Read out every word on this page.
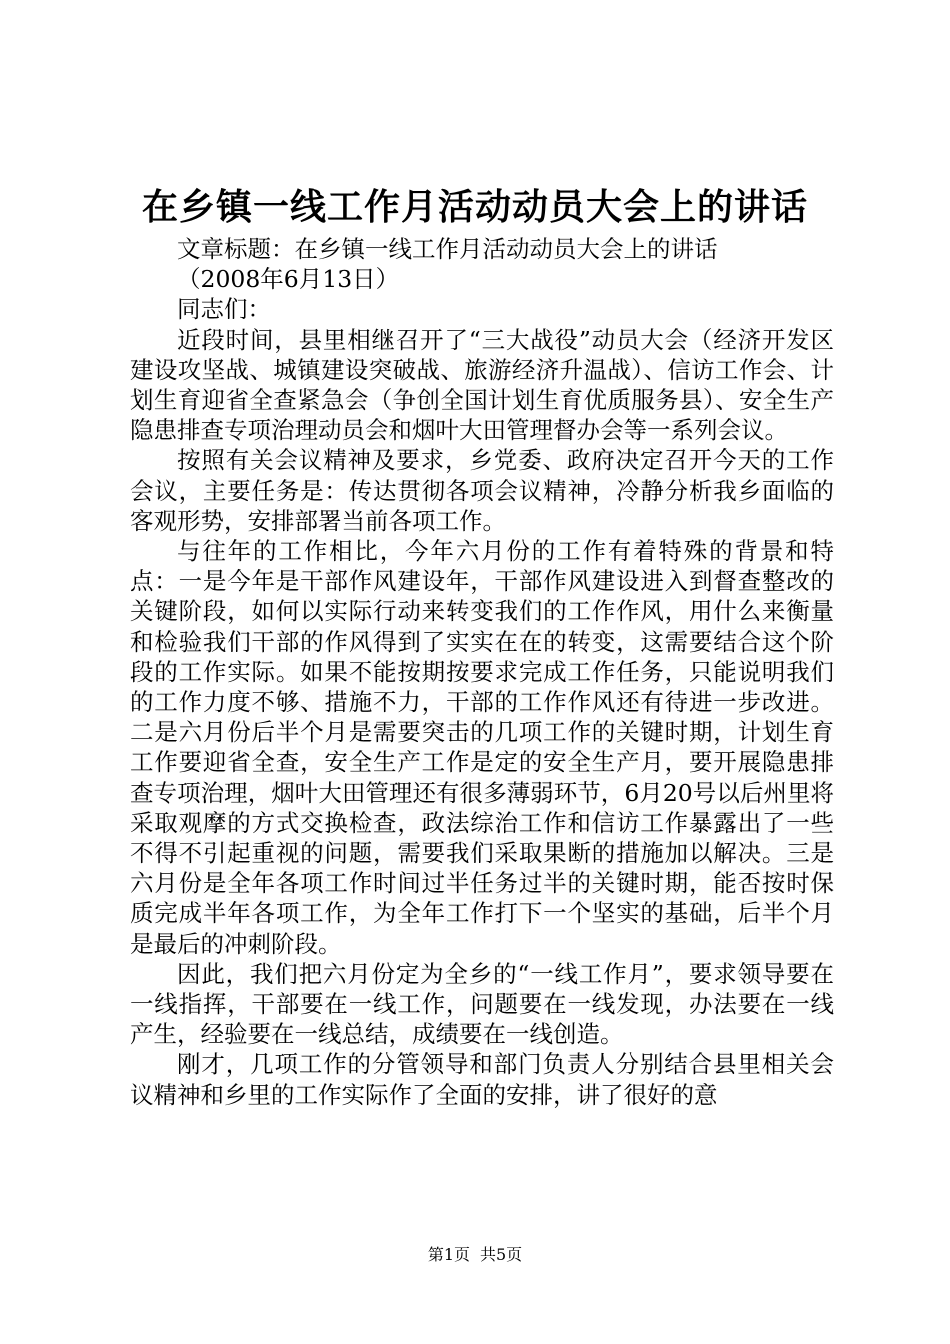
在乡镇一线工作月活动动员大会上的讲话

文章标题：在乡镇一线工作月活动动员大会上的讲话

（2008年6月13日）

同志们：

近段时间，县里相继召开了“三大战役”动员大会（经济开发区建设攻坚战、城镇建设突破战、旅游经济升温战）、信访工作会、计划生育迎省全查紧急会（争创全国计划生育优质服务县）、安全生产隐患排查专项治理动员会和烟叶大田管理督办会等一系列会议。

按照有关会议精神及要求，乡党委、政府决定召开今天的工作会议，主要任务是：传达贯彻各项会议精神，冷静分析我乡面临的客观形势，安排部署当前各项工作。

与往年的工作相比，今年六月份的工作有着特殊的背景和特点：一是今年是干部作风建设年，干部作风建设进入到督查整改的关键阶段，如何以实际行动来转变我们的工作作风，用什么来衡量和检验我们干部的作风得到了实实在在的转变，这需要结合这个阶段的工作实际。如果不能按期按要求完成工作任务，只能说明我们的工作力度不够、措施不力，干部的工作作风还有待进一步改进。二是六月份后半个月是需要突击的几项工作的关键时期，计划生育工作要迎省全查，安全生产工作是定的安全生产月，要开展隐患排查专项治理，烟叶大田管理还有很多薄弱环节，6月20号以后州里将采取观摩的方式交换检查，政法综治工作和信访工作暴露出了一些不得不引起重视的问题，需要我们采取果断的措施加以解决。三是六月份是全年各项工作时间过半任务过半的关键时期，能否按时保质完成半年各项工作，为全年工作打下一个坚实的基础，后半个月是最后的冲刺阶段。

因此，我们把六月份定为全乡的“一线工作月”，要求领导要在一线指挥，干部要在一线工作，问题要在一线发现，办法要在一线产生，经验要在一线总结，成绩要在一线创造。

刚才，几项工作的分管领导和部门负责人分别结合县里相关会议精神和乡里的工作实际作了全面的安排，讲了很好的意

第1页 共5页
